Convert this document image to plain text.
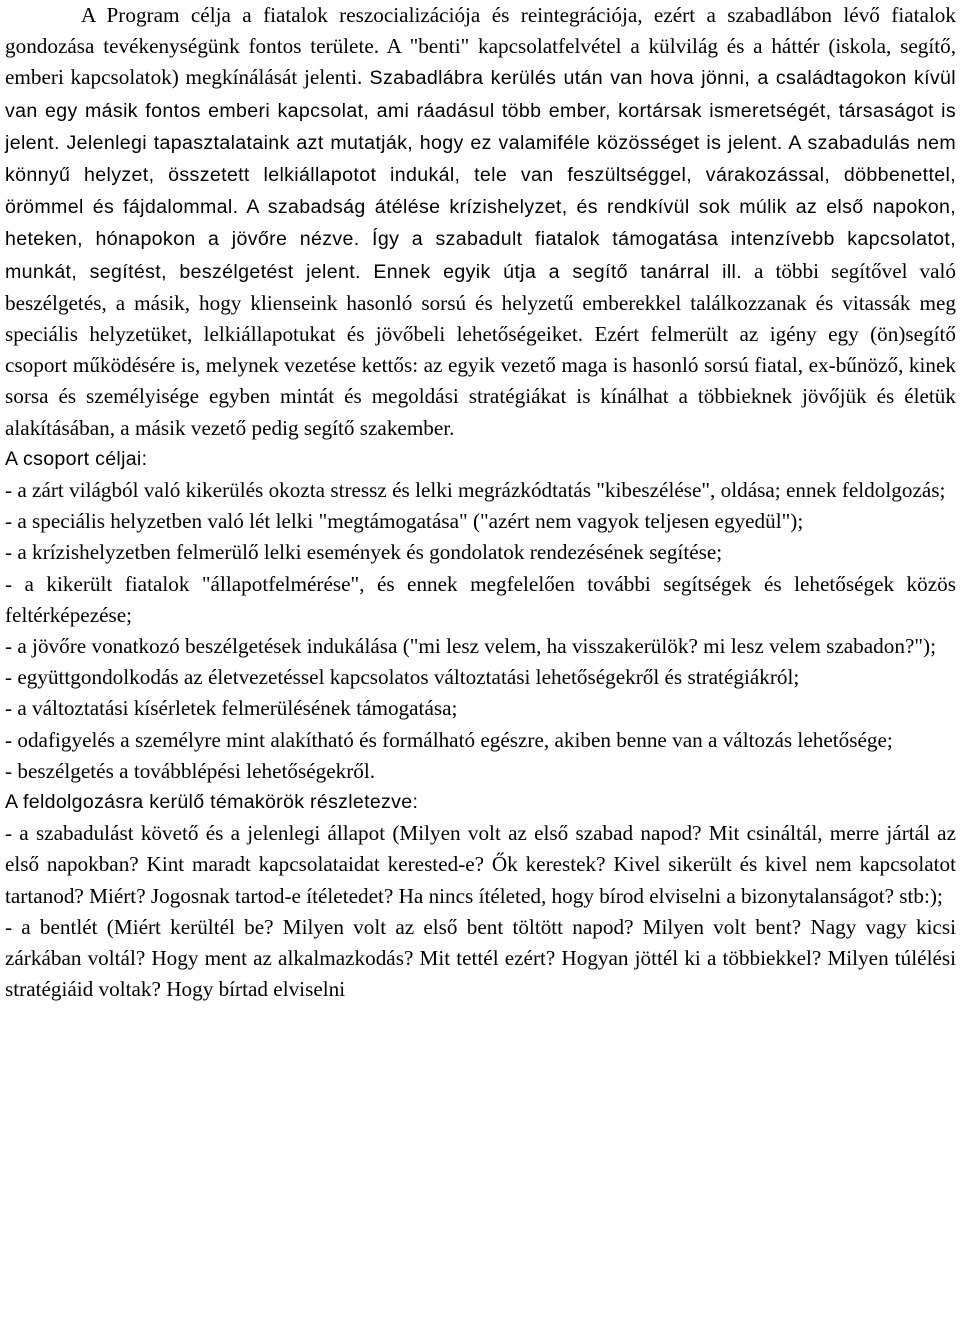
A Program célja a fiatalok reszocializációja és reintegrációja, ezért a szabadlábon lévő fiatalok gondozása tevékenységünk fontos területe. A "benti" kapcsolatfelvétel a külvilág és a háttér (iskola, segítő, emberi kapcsolatok) megkínálását jelenti. Szabadlábra kerülés után van hova jönni, a családtagokon kívül van egy másik fontos emberi kapcsolat, ami ráadásul több ember, kortársak ismeretségét, társaságot is jelent. Jelenlegi tapasztalataink azt mutatják, hogy ez valamiféle közösséget is jelent. A szabadulás nem könnyű helyzet, összetett lelkiállapotot indukál, tele van feszültséggel, várakozással, döbbenettel, örömmel és fájdalommal. A szabadság átélése krízishelyzet, és rendkívül sok múlik az első napokon, heteken, hónapokon a jövőre nézve. Így a szabadult fiatalok támogatása intenzívebb kapcsolatot, munkát, segítést, beszélgetést jelent. Ennek egyik útja a segítő tanárral ill. a többi segítővel való beszélgetés, a másik, hogy klienseink hasonló sorsú és helyzetű emberekkel találkozzanak és vitassák meg speciális helyzetüket, lelkiállapotukat és jövőbeli lehetőségeiket. Ezért felmerült az igény egy (ön)segítő csoport működésére is, melynek vezetése kettős: az egyik vezető maga is hasonló sorsú fiatal, ex-bűnöző, kinek sorsa és személyisége egyben mintát és megoldási stratégiákat is kínálhat a többieknek jövőjük és életük alakításában, a másik vezető pedig segítő szakember.

A csoport céljai:

- a zárt világból való kikerülés okozta stressz és lelki megrázkódtatás "kibeszélése", oldása; ennek feldolgozás;

- a speciális helyzetben való lét lelki "megtámogatása" ("azért nem vagyok teljesen egyedül");

- a krízishelyzetben felmerülő lelki események és gondolatok rendezésének segítése;

- a kikerült fiatalok "állapotfelmérése", és ennek megfelelően további segítségek és lehetőségek közös feltérképezése;

- a jövőre vonatkozó beszélgetések indukálása ("mi lesz velem, ha visszakerülök? mi lesz velem szabadon?");

- együttgondolkodás az életvezetéssel kapcsolatos változtatási lehetőségekről és stratégiákról;

- a változtatási kísérletek felmerülésének támogatása;

- odafigyelés a személyre mint alakítható és formálható egészre, akiben benne van a változás lehetősége;

- beszélgetés a továbblépési lehetőségekről.

A feldolgozásra kerülő témakörök részletezve:

- a szabadulást követő és a jelenlegi állapot (Milyen volt az első szabad napod? Mit csináltál, merre jártál az első napokban? Kint maradt kapcsolataidat kerested-e? Ők kerestek? Kivel sikerült és kivel nem kapcsolatot tartanod? Miért? Jogosnak tartod-e ítéletedet? Ha nincs ítéleted, hogy bírod elviselni a bizonytalanságot? stb:);

- a bentlét (Miért kerültél be? Milyen volt az első bent töltött napod? Milyen volt bent? Nagy vagy kicsi zárkában voltál? Hogy ment az alkalmazkodás? Mit tettél ezért? Hogyan jöttél ki a többiekkel? Milyen túlélési stratégiáid voltak? Hogy bírtad elviselni
